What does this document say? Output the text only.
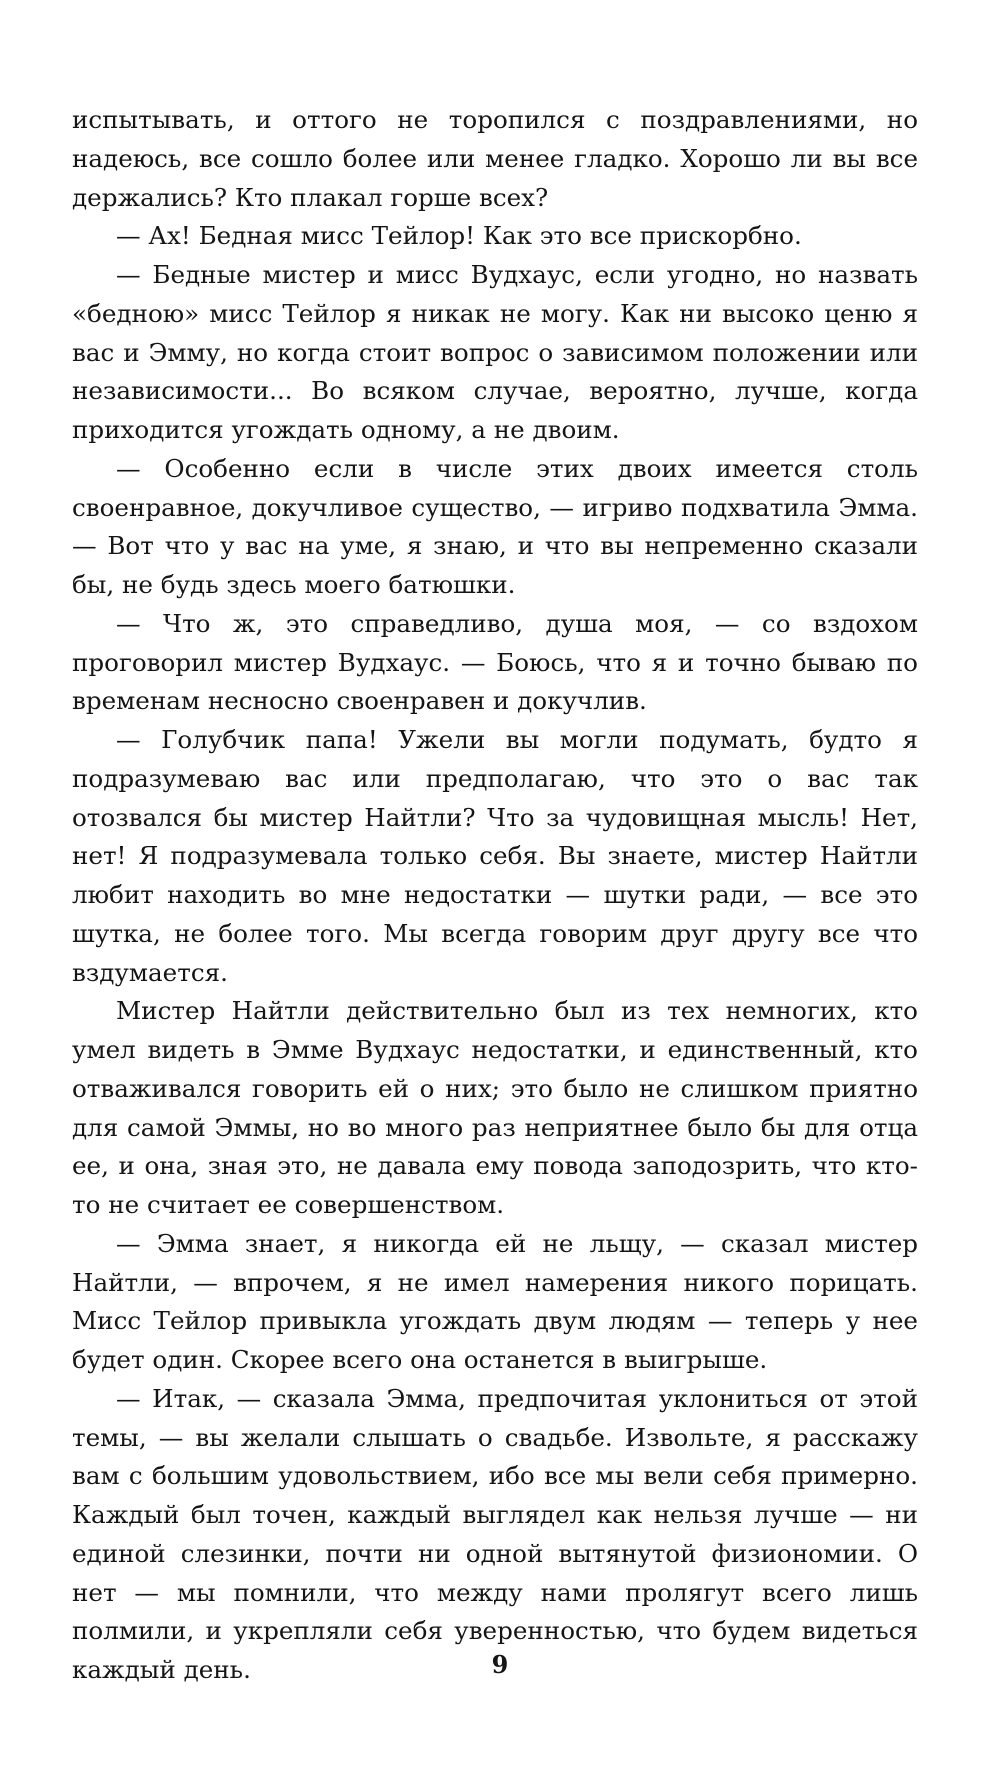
испытывать, и оттого не торопился с поздравлениями, но надеюсь, все сошло более или менее гладко. Хорошо ли вы все держались? Кто плакал горше всех?

— Ах! Бедная мисс Тейлор! Как это все прискорбно.

— Бедные мистер и мисс Вудхаус, если угодно, но назвать «бедною» мисс Тейлор я никак не могу. Как ни высоко ценю я вас и Эмму, но когда стоит вопрос о зависимом положении или независимости... Во всяком случае, вероятно, лучше, когда приходится угождать одному, а не двоим.

— Особенно если в числе этих двоих имеется столь своенравное, докучливое существо, — игриво подхватила Эмма. — Вот что у вас на уме, я знаю, и что вы непременно сказали бы, не будь здесь моего батюшки.

— Что ж, это справедливо, душа моя, — со вздохом проговорил мистер Вудхаус. — Боюсь, что я и точно бываю по временам несносно своенравен и докучлив.

— Голубчик папа! Ужели вы могли подумать, будто я подразумеваю вас или предполагаю, что это о вас так отозвался бы мистер Найтли? Что за чудовищная мысль! Нет, нет! Я подразумевала только себя. Вы знаете, мистер Найтли любит находить во мне недостатки — шутки ради, — все это шутка, не более того. Мы всегда говорим друг другу все что вздумается.

Мистер Найтли действительно был из тех немногих, кто умел видеть в Эмме Вудхаус недостатки, и единственный, кто отваживался говорить ей о них; это было не слишком приятно для самой Эммы, но во много раз неприятнее было бы для отца ее, и она, зная это, не давала ему повода заподозрить, что кто-то не считает ее совершенством.

— Эмма знает, я никогда ей не льщу, — сказал мистер Найтли, — впрочем, я не имел намерения никого порицать. Мисс Тейлор привыкла угождать двум людям — теперь у нее будет один. Скорее всего она останется в выигрыше.

— Итак, — сказала Эмма, предпочитая уклониться от этой темы, — вы желали слышать о свадьбе. Извольте, я расскажу вам с большим удовольствием, ибо все мы вели себя примерно. Каждый был точен, каждый выглядел как нельзя лучше — ни единой слезинки, почти ни одной вытянутой физиономии. О нет — мы помнили, что между нами пролягут всего лишь полмили, и укрепляли себя уверенностью, что будем видеться каждый день.	9
